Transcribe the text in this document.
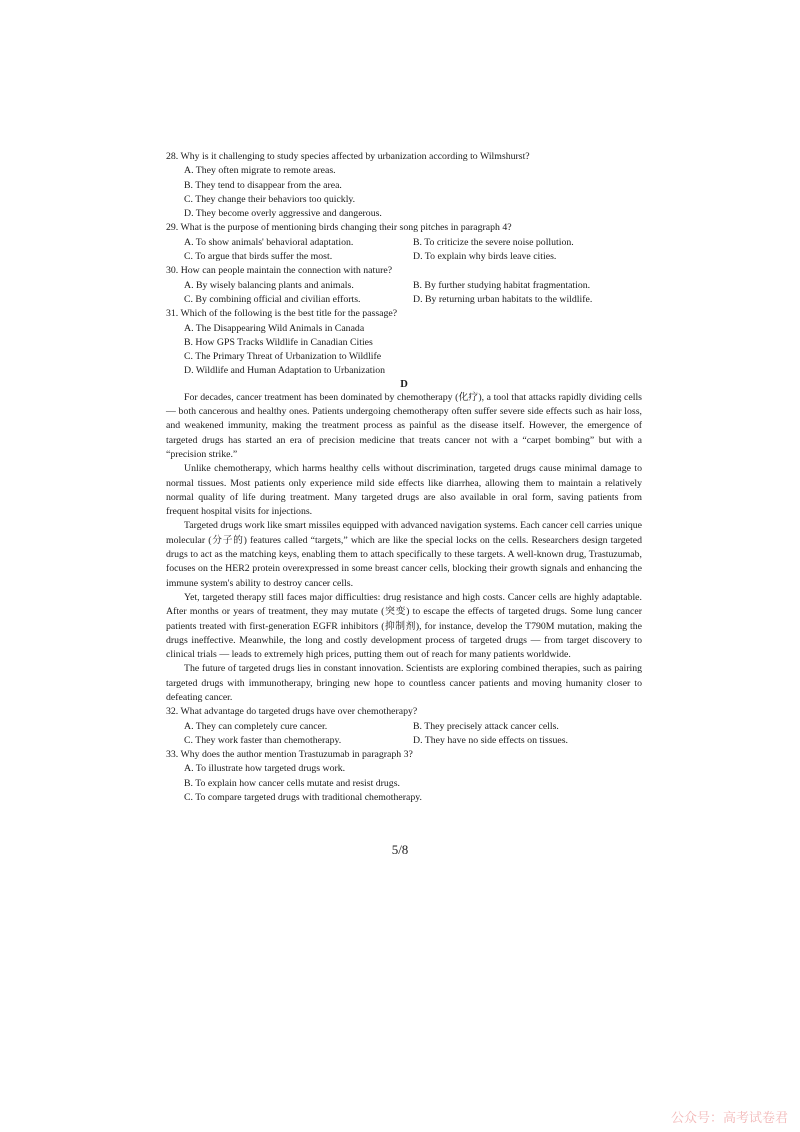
28. Why is it challenging to study species affected by urbanization according to Wilmshurst?

A. They often migrate to remote areas.

B. They tend to disappear from the area.

C. They change their behaviors too quickly.

D. They become overly aggressive and dangerous.

29. What is the purpose of mentioning birds changing their song pitches in paragraph 4?

A. To show animals' behavioral adaptation.	B. To criticize the severe noise pollution.
C. To argue that birds suffer the most.	D. To explain why birds leave cities.

30. How can people maintain the connection with nature?

A. By wisely balancing plants and animals.	B. By further studying habitat fragmentation.
C. By combining official and civilian efforts.	D. By returning urban habitats to the wildlife.

31. Which of the following is the best title for the passage?

A. The Disappearing Wild Animals in Canada

B. How GPS Tracks Wildlife in Canadian Cities

C. The Primary Threat of Urbanization to Wildlife

D. Wildlife and Human Adaptation to Urbanization

D

For decades, cancer treatment has been dominated by chemotherapy (化疗), a tool that attacks rapidly dividing cells — both cancerous and healthy ones. Patients undergoing chemotherapy often suffer severe side effects such as hair loss, and weakened immunity, making the treatment process as painful as the disease itself. However, the emergence of targeted drugs has started an era of precision medicine that treats cancer not with a “carpet bombing” but with a “precision strike.”

Unlike chemotherapy, which harms healthy cells without discrimination, targeted drugs cause minimal damage to normal tissues. Most patients only experience mild side effects like diarrhea, allowing them to maintain a relatively normal quality of life during treatment. Many targeted drugs are also available in oral form, saving patients from frequent hospital visits for injections.

Targeted drugs work like smart missiles equipped with advanced navigation systems. Each cancer cell carries unique molecular (分子的) features called “targets,” which are like the special locks on the cells. Researchers design targeted drugs to act as the matching keys, enabling them to attach specifically to these targets. A well-known drug, Trastuzumab, focuses on the HER2 protein overexpressed in some breast cancer cells, blocking their growth signals and enhancing the immune system's ability to destroy cancer cells.

Yet, targeted therapy still faces major difficulties: drug resistance and high costs. Cancer cells are highly adaptable. After months or years of treatment, they may mutate (突变) to escape the effects of targeted drugs. Some lung cancer patients treated with first-generation EGFR inhibitors (抑制剂), for instance, develop the T790M mutation, making the drugs ineffective. Meanwhile, the long and costly development process of targeted drugs — from target discovery to clinical trials — leads to extremely high prices, putting them out of reach for many patients worldwide.

The future of targeted drugs lies in constant innovation. Scientists are exploring combined therapies, such as pairing targeted drugs with immunotherapy, bringing new hope to countless cancer patients and moving humanity closer to defeating cancer.

32. What advantage do targeted drugs have over chemotherapy?

A. They can completely cure cancer.	B. They precisely attack cancer cells.
C. They work faster than chemotherapy.	D. They have no side effects on tissues.

33. Why does the author mention Trastuzumab in paragraph 3?

A. To illustrate how targeted drugs work.

B. To explain how cancer cells mutate and resist drugs.

C. To compare targeted drugs with traditional chemotherapy.

5/8
公众号：高考试卷君
